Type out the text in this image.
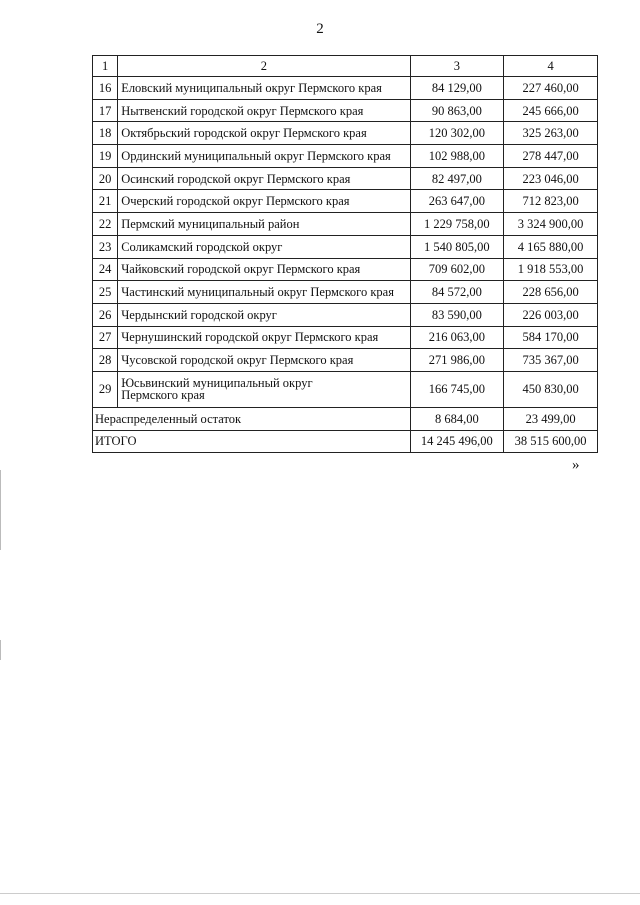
2
1	2	3	4
16	Еловский муниципальный округ Пермского края	84 129,00	227 460,00
17	Нытвенский городской округ Пермского края	90 863,00	245 666,00
18	Октябрьский городской округ Пермского края	120 302,00	325 263,00
19	Ординский муниципальный округ Пермского края	102 988,00	278 447,00
20	Осинский городской округ Пермского края	82 497,00	223 046,00
21	Очерский городской округ Пермского края	263 647,00	712 823,00
22	Пермский муниципальный район	1 229 758,00	3 324 900,00
23	Соликамский городской округ	1 540 805,00	4 165 880,00
24	Чайковский городской округ Пермского края	709 602,00	1 918 553,00
25	Частинский муниципальный округ Пермского края	84 572,00	228 656,00
26	Чердынский городской округ	83 590,00	226 003,00
27	Чернушинский городской округ Пермского края	216 063,00	584 170,00
28	Чусовской городской округ Пермского края	271 986,00	735 367,00
29	Юсьвинский муниципальный округ
Пермского края	166 745,00	450 830,00
Нераспределенный остаток		8 684,00	23 499,00
ИТОГО		14 245 496,00	38 515 600,00
»
